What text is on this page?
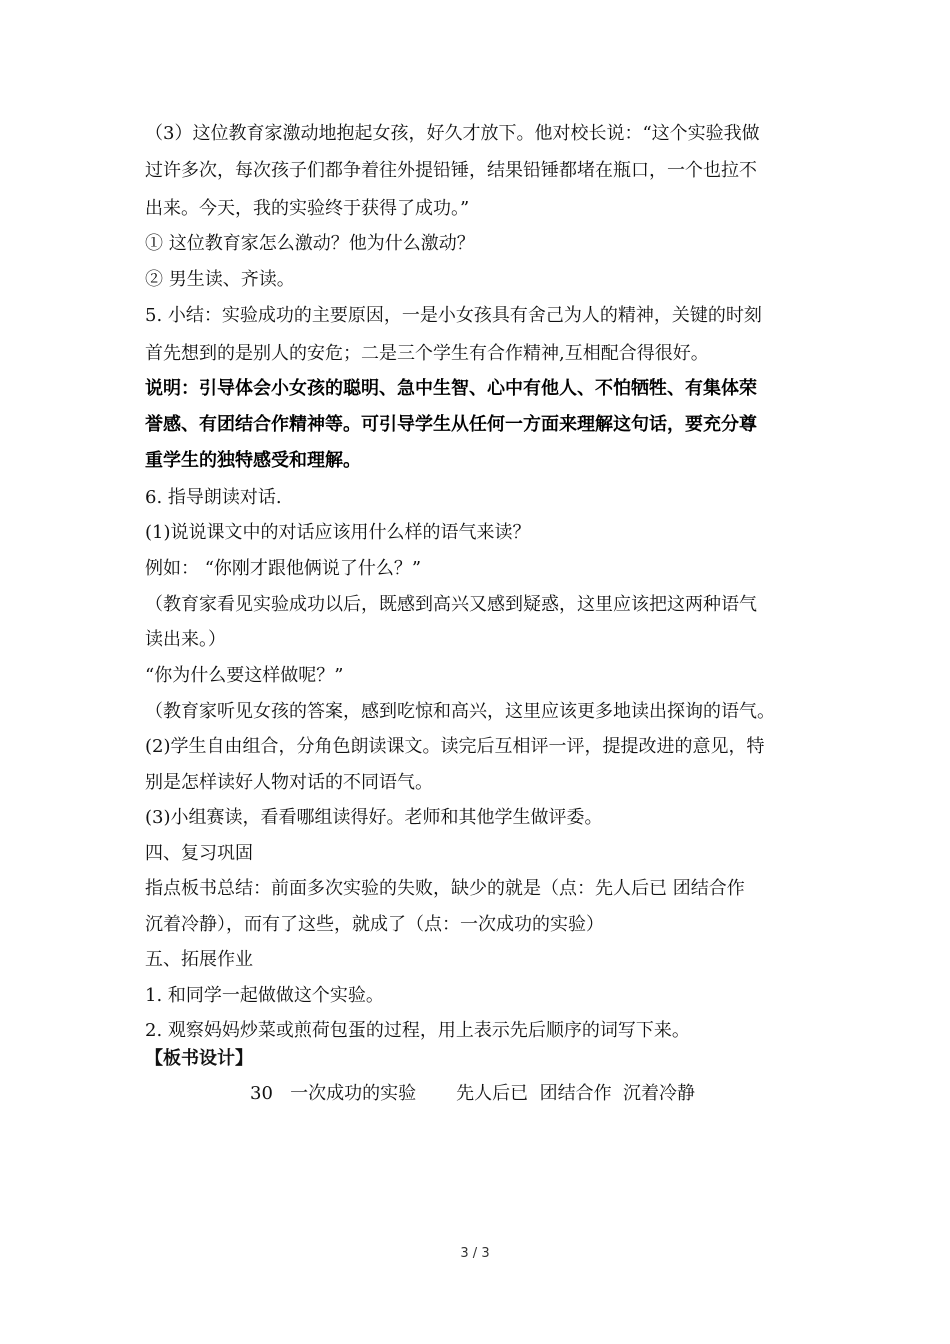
（3）这位教育家激动地抱起女孩，好久才放下。他对校长说：“这个实验我做
过许多次，每次孩子们都争着往外提铅锤，结果铅锤都堵在瓶口，一个也拉不
出来。今天，我的实验终于获得了成功。”
① 这位教育家怎么激动？他为什么激动？
② 男生读、齐读。
5. 小结：实验成功的主要原因，一是小女孩具有舍己为人的精神，关键的时刻
首先想到的是别人的安危；二是三个学生有合作精神,互相配合得很好。
说明：引导体会小女孩的聪明、急中生智、心中有他人、不怕牺牲、有集体荣
誉感、有团结合作精神等。可引导学生从任何一方面来理解这句话，要充分尊
重学生的独特感受和理解。
6. 指导朗读对话.
(1)说说课文中的对话应该用什么样的语气来读？
例如： “你刚才跟他俩说了什么？”
（教育家看见实验成功以后，既感到高兴又感到疑惑，这里应该把这两种语气
读出来。）
“你为什么要这样做呢？”
（教育家听见女孩的答案，感到吃惊和高兴，这里应该更多地读出探询的语气。
(2)学生自由组合，分角色朗读课文。读完后互相评一评，提提改进的意见，特
别是怎样读好人物对话的不同语气。
(3)小组赛读，看看哪组读得好。老师和其他学生做评委。
四、复习巩固
指点板书总结：前面多次实验的失败，缺少的就是（点：先人后已 团结合作
沉着冷静），而有了这些，就成了（点：一次成功的实验）
五、拓展作业
1. 和同学一起做做这个实验。
2. 观察妈妈炒菜或煎荷包蛋的过程，用上表示先后顺序的词写下来。
【板书设计】
30   一次成功的实验       先人后已  团结合作  沉着冷静
3 / 3
